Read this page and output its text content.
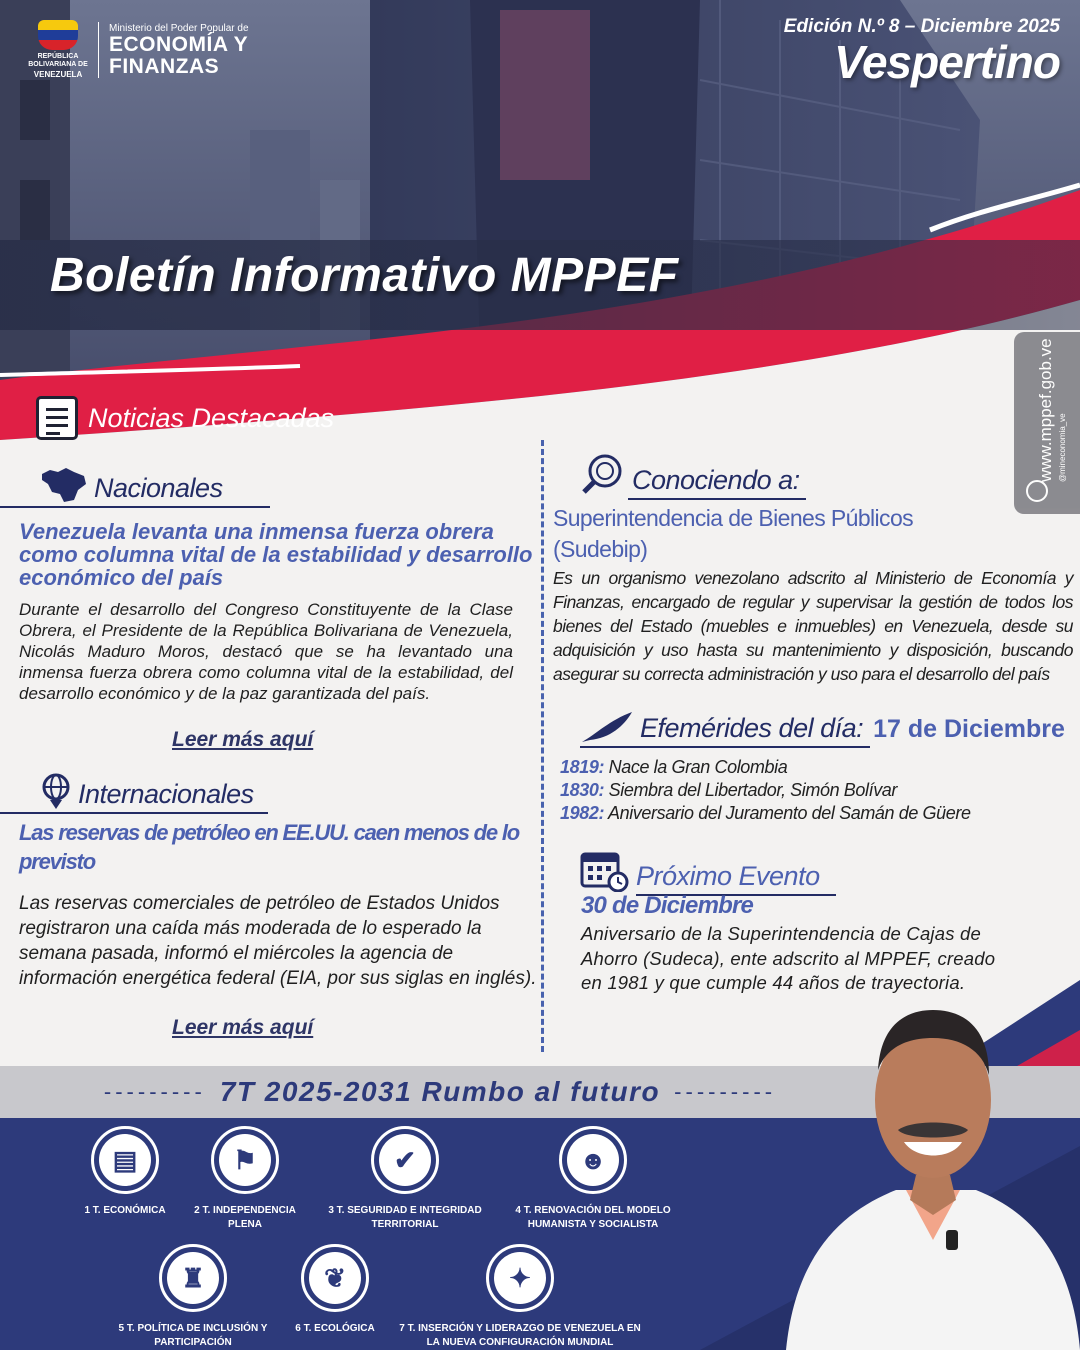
REPÚBLICA BOLIVARIANA DE
VENEZUELA
Ministerio del Poder Popular de
ECONOMÍA Y
FINANZAS
Edición N.º 8 – Diciembre 2025
Vespertino
Boletín Informativo MPPEF
www.mppef.gob.ve @mineconomia_ve
Noticias Destacadas
Nacionales
Venezuela levanta una inmensa fuerza obrera como columna vital de la estabilidad y desarrollo económico del país
Durante el desarrollo del Congreso Constituyente de la Clase Obrera, el Presidente de la República Bolivariana de Venezuela, Nicolás Maduro Moros, destacó que se ha levantado una inmensa fuerza obrera como columna vital de la estabilidad, del desarrollo económico y de la paz garantizada del país.
Leer más aquí
Internacionales
Las reservas de petróleo en EE.UU. caen menos de lo previsto
Las reservas comerciales de petróleo de Estados Unidos registraron una caída más moderada de lo esperado la semana pasada, informó el miércoles la agencia de información energética federal (EIA, por sus siglas en inglés).
Leer más aquí
Conociendo a:
Superintendencia de Bienes Públicos (Sudebip)
Es un organismo venezolano adscrito al Ministerio de Economía y Finanzas, encargado de regular y supervisar la gestión de todos los bienes del Estado (muebles e inmuebles) en Venezuela, desde su adquisición y uso hasta su mantenimiento y disposición, buscando asegurar su correcta administración y uso para el desarrollo del país
Efemérides del día: 17 de Diciembre
1819: Nace la Gran Colombia
1830: Siembra del Libertador, Simón Bolívar
1982: Aniversario del Juramento del Samán de Güere
Próximo Evento
30 de Diciembre
Aniversario de la Superintendencia de Cajas de Ahorro (Sudeca), ente adscrito al MPPEF, creado en 1981 y que cumple 44 años de trayectoria.
--------- 7T 2025-2031 Rumbo al futuro ---------
▤
1 T. ECONÓMICA
⚑
2 T. INDEPENDENCIA PLENA
✔
3 T. SEGURIDAD E INTEGRIDAD TERRITORIAL
☻
4 T. RENOVACIÓN DEL MODELO HUMANISTA Y SOCIALISTA
♜
5 T. POLÍTICA DE INCLUSIÓN Y PARTICIPACIÓN
❦
6 T. ECOLÓGICA
✦
7 T. INSERCIÓN Y LIDERAZGO DE VENEZUELA EN LA NUEVA CONFIGURACIÓN MUNDIAL
